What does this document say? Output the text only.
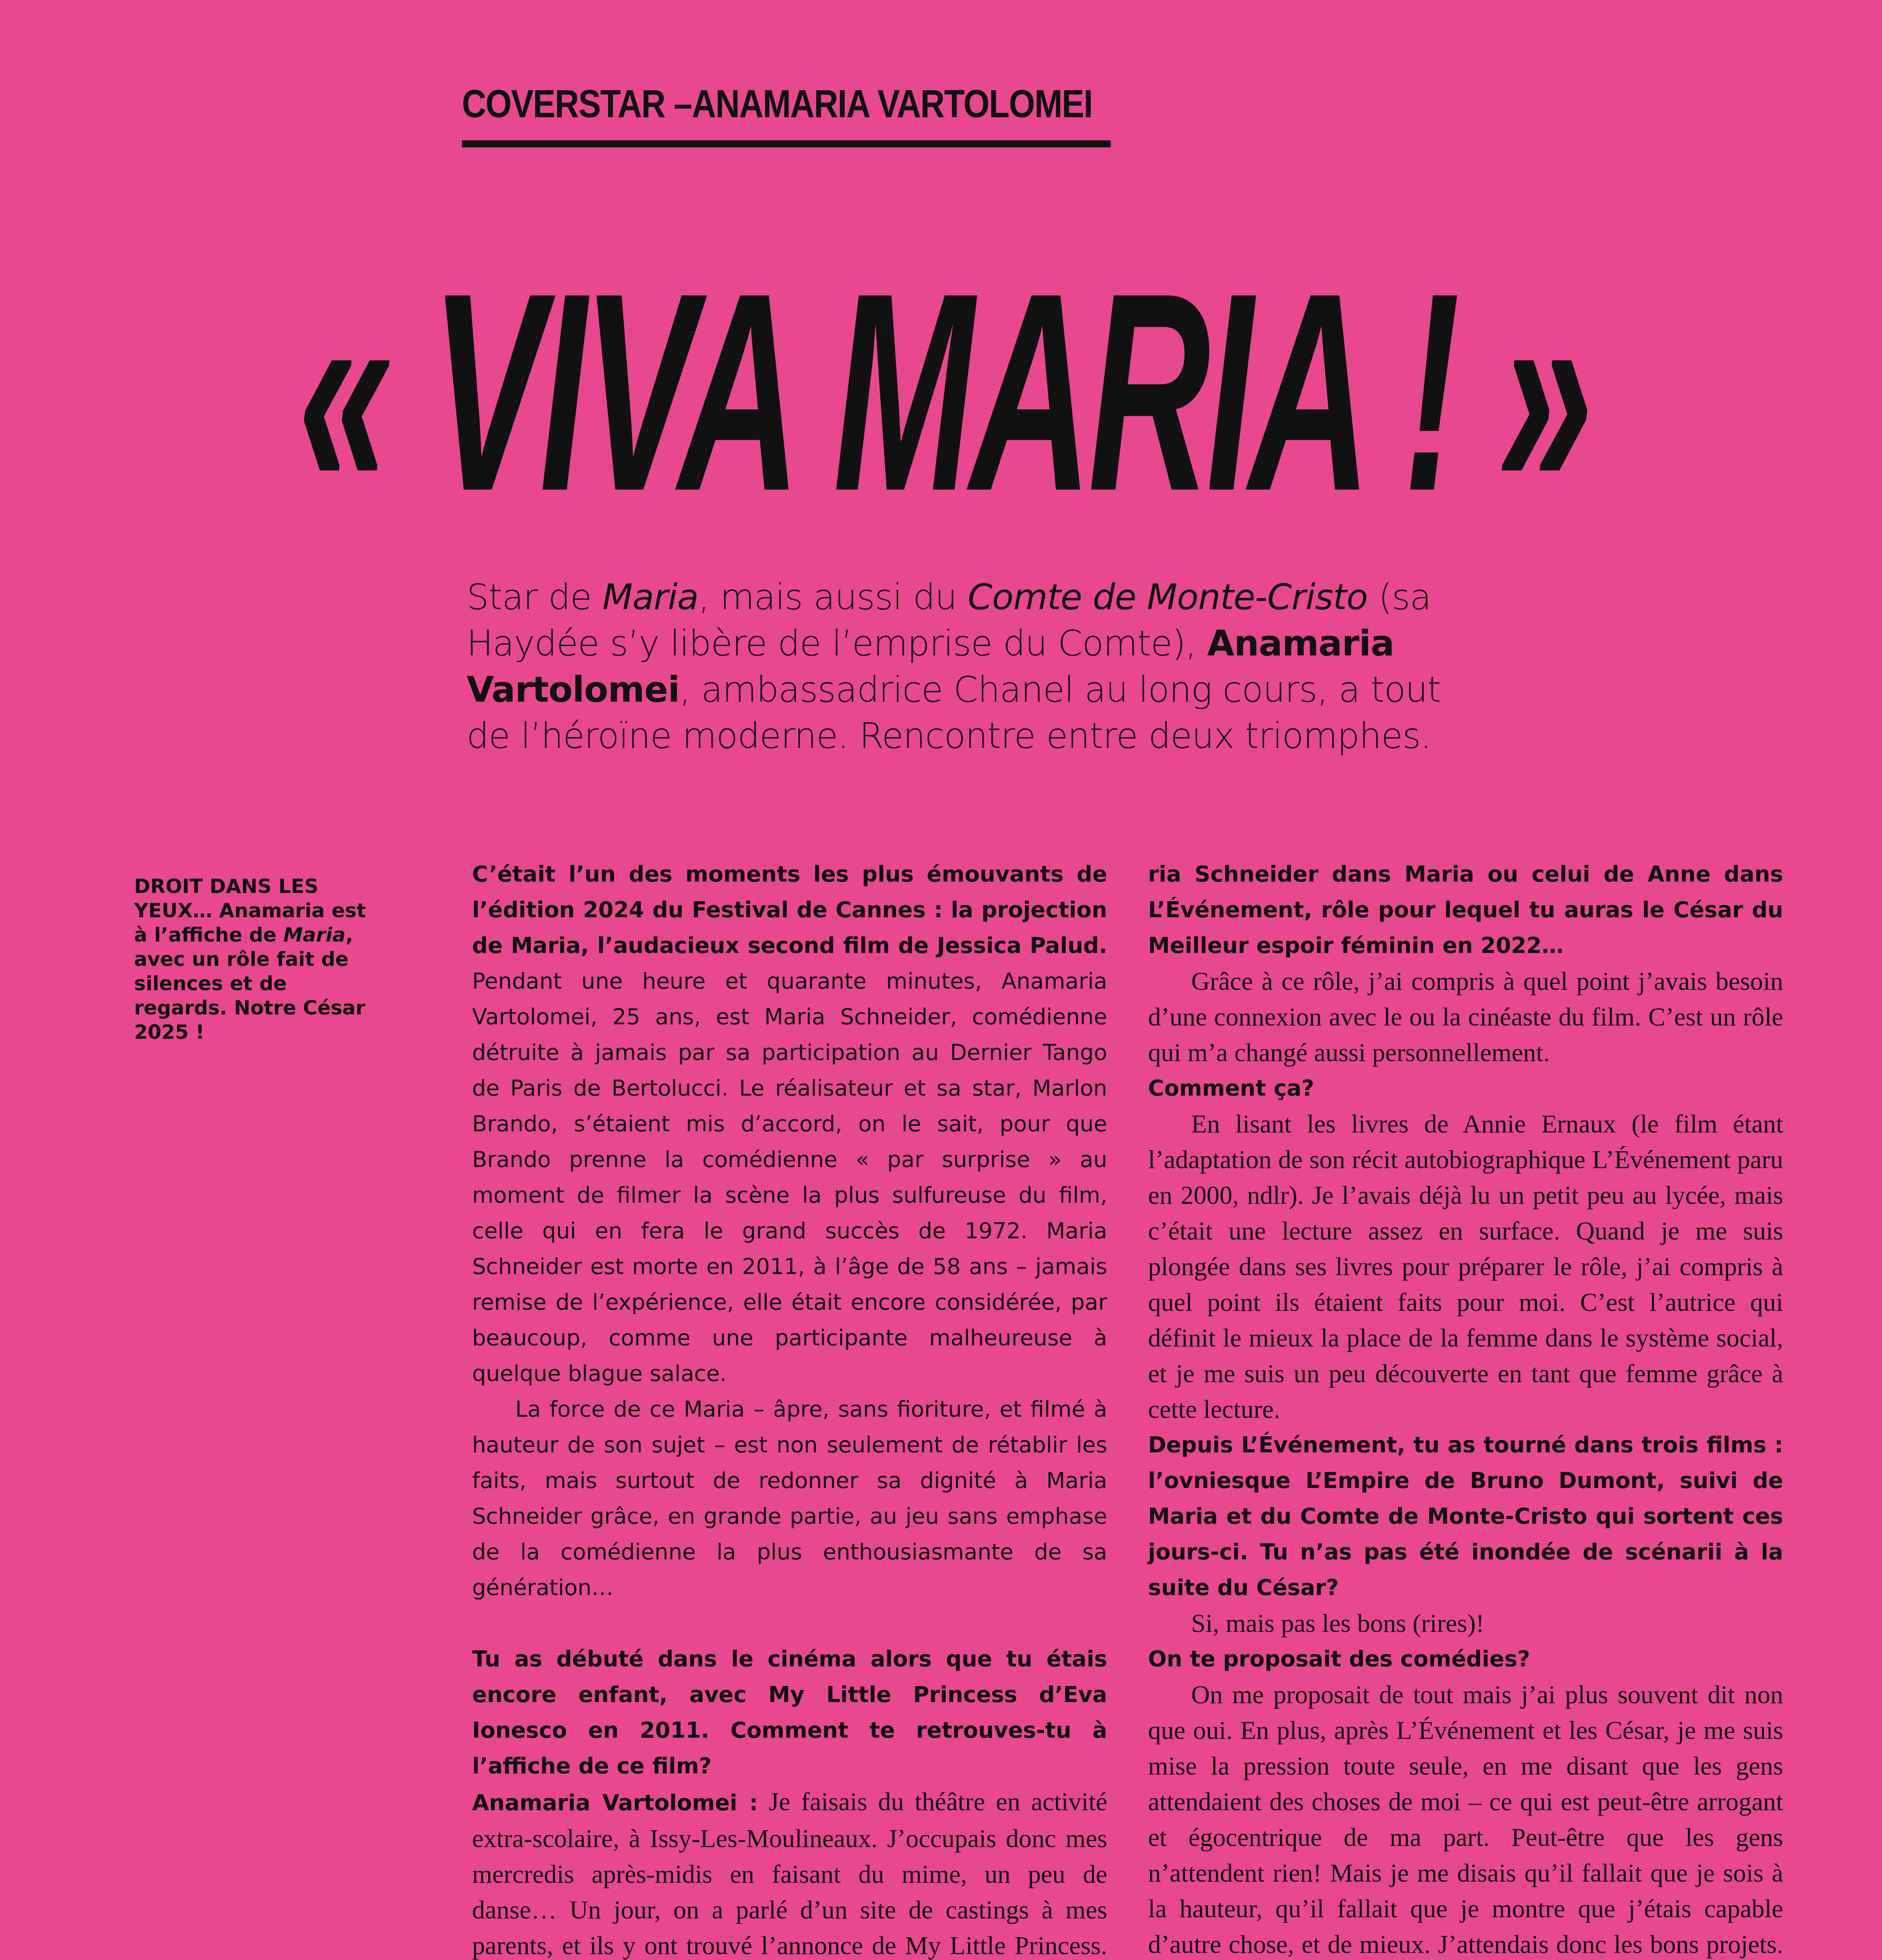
COVERSTAR –ANAMARIA VARTOLOMEI
« VIVA MARIA ! »
Star de Maria, mais aussi du Comte de Monte-Cristo (sa Haydée s’y libère de l’emprise du Comte), Anamaria Vartolomei, ambassadrice Chanel au long cours, a tout de l’héroïne moderne. Rencontre entre deux triomphes.
DROIT DANS LES YEUX… Anamaria est à l’affiche de Maria, avec un rôle fait de silences et de regards. Notre César 2025 !

C’était l’un des moments les plus émouvants de l’édition 2024 du Festival de Cannes : la projection de Maria, l’audacieux second film de Jessica Palud. Pendant une heure et quarante minutes, Anamaria Vartolomei, 25 ans, est Maria Schneider, comédienne détruite à jamais par sa participation au Dernier Tango de Paris de Bertolucci. Le réalisateur et sa star, Marlon Brando, s’étaient mis d’accord, on le sait, pour que Brando prenne la comédienne « par surprise » au moment de filmer la scène la plus sulfureuse du film, celle qui en fera le grand succès de 1972. Maria Schneider est morte en 2011, à l’âge de 58 ans – jamais remise de l’expérience, elle était encore considérée, par beaucoup, comme une participante malheureuse à quelque blague salace.

La force de ce Maria – âpre, sans fioriture, et filmé à hauteur de son sujet – est non seulement de rétablir les faits, mais surtout de redonner sa dignité à Maria Schneider grâce, en grande partie, au jeu sans emphase de la comédienne la plus enthousiasmante de sa génération…

Tu as débuté dans le cinéma alors que tu étais encore enfant, avec My Little Princess d’Eva Ionesco en 2011. Comment te retrouves-tu à l’affiche de ce film?

Anamaria Vartolomei : Je faisais du théâtre en activité extra-scolaire, à Issy-Les-Moulineaux. J’occupais donc mes mercredis après-midis en faisant du mime, un peu de danse… Un jour, on a parlé d’un site de castings à mes parents, et ils y ont trouvé l’annonce de My Little Princess.

ria Schneider dans Maria ou celui de Anne dans L’Événement, rôle pour lequel tu auras le César du Meilleur espoir féminin en 2022…

Grâce à ce rôle, j’ai compris à quel point j’avais besoin d’une connexion avec le ou la cinéaste du film. C’est un rôle qui m’a changé aussi personnellement.

Comment ça?

En lisant les livres de Annie Ernaux (le film étant l’adaptation de son récit autobiographique L’Événement paru en 2000, ndlr). Je l’avais déjà lu un petit peu au lycée, mais c’était une lecture assez en surface. Quand je me suis plongée dans ses livres pour préparer le rôle, j’ai compris à quel point ils étaient faits pour moi. C’est l’autrice qui définit le mieux la place de la femme dans le système social, et je me suis un peu découverte en tant que femme grâce à cette lecture.

Depuis L’Événement, tu as tourné dans trois films : l’ovniesque L’Empire de Bruno Dumont, suivi de Maria et du Comte de Monte-Cristo qui sortent ces jours-ci. Tu n’as pas été inondée de scénarii à la suite du César?

Si, mais pas les bons (rires)!

On te proposait des comédies?

On me proposait de tout mais j’ai plus souvent dit non que oui. En plus, après L’Événement et les César, je me suis mise la pression toute seule, en me disant que les gens attendaient des choses de moi – ce qui est peut-être arrogant et égocentrique de ma part. Peut-être que les gens n’attendent rien! Mais je me disais qu’il fallait que je sois à la hauteur, qu’il fallait que je montre que j’étais capable d’autre chose, et de mieux. J’attendais donc les bons projets.
